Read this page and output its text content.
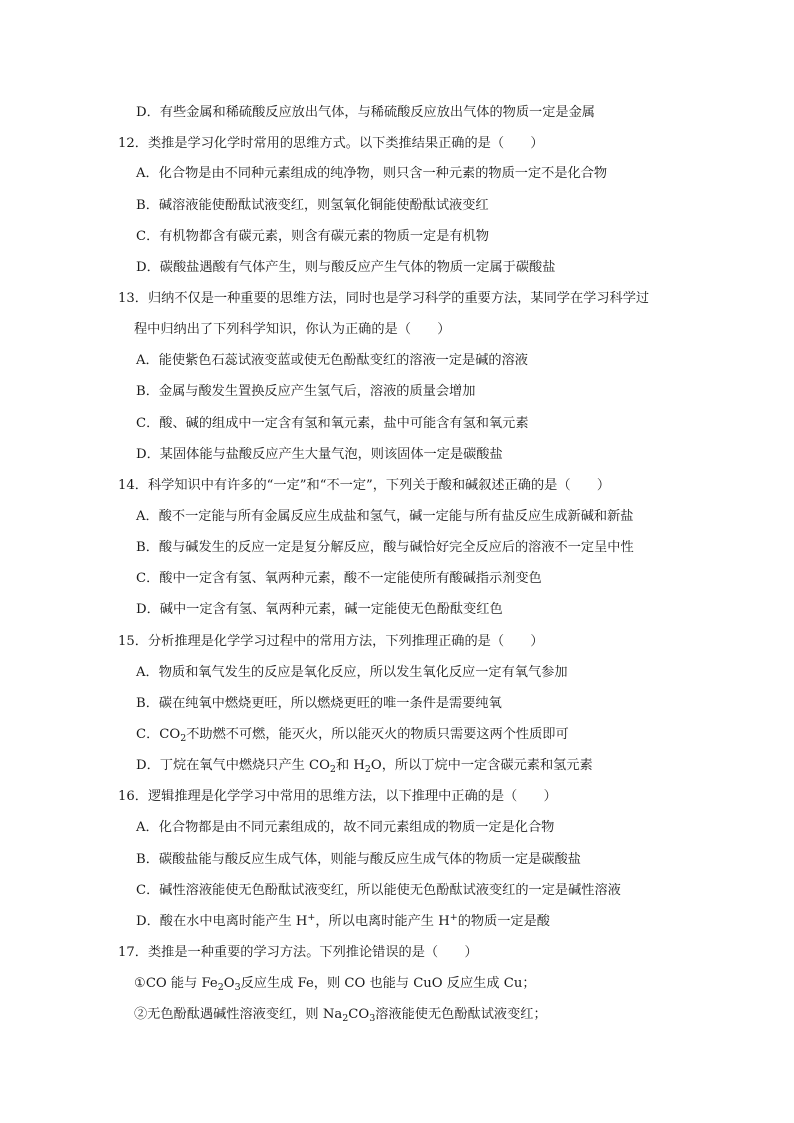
D．有些金属和稀硫酸反应放出气体，与稀硫酸反应放出气体的物质一定是金属
12．类推是学习化学时常用的思维方式。以下类推结果正确的是（　　）
A．化合物是由不同种元素组成的纯净物，则只含一种元素的物质一定不是化合物
B．碱溶液能使酚酞试液变红，则氢氧化铜能使酚酞试液变红
C．有机物都含有碳元素，则含有碳元素的物质一定是有机物
D．碳酸盐遇酸有气体产生，则与酸反应产生气体的物质一定属于碳酸盐
13．归纳不仅是一种重要的思维方法，同时也是学习科学的重要方法，某同学在学习科学过
程中归纳出了下列科学知识，你认为正确的是（　　）
A．能使紫色石蕊试液变蓝或使无色酚酞变红的溶液一定是碱的溶液
B．金属与酸发生置换反应产生氢气后，溶液的质量会增加
C．酸、碱的组成中一定含有氢和氧元素，盐中可能含有氢和氧元素
D．某固体能与盐酸反应产生大量气泡，则该固体一定是碳酸盐
14．科学知识中有许多的“一定”和“不一定”，下列关于酸和碱叙述正确的是（　　）
A．酸不一定能与所有金属反应生成盐和氢气，碱一定能与所有盐反应生成新碱和新盐
B．酸与碱发生的反应一定是复分解反应，酸与碱恰好完全反应后的溶液不一定呈中性
C．酸中一定含有氢、氧两种元素，酸不一定能使所有酸碱指示剂变色
D．碱中一定含有氢、氧两种元素，碱一定能使无色酚酞变红色
15．分析推理是化学学习过程中的常用方法，下列推理正确的是（　　）
A．物质和氧气发生的反应是氧化反应，所以发生氧化反应一定有氧气参加
B．碳在纯氧中燃烧更旺，所以燃烧更旺的唯一条件是需要纯氧
C．$CO_2$不助燃不可燃，能灭火，所以能灭火的物质只需要这两个性质即可
D．丁烷在氧气中燃烧只产生 $CO_2$和 $H_2O$，所以丁烷中一定含碳元素和氢元素
16．逻辑推理是化学学习中常用的思维方法，以下推理中正确的是（　　）
A．化合物都是由不同元素组成的，故不同元素组成的物质一定是化合物
B．碳酸盐能与酸反应生成气体，则能与酸反应生成气体的物质一定是碳酸盐
C．碱性溶液能使无色酚酞试液变红，所以能使无色酚酞试液变红的一定是碱性溶液
D．酸在水中电离时能产生 H+，所以电离时能产生 H+的物质一定是酸
17．类推是一种重要的学习方法。下列推论错误的是（　　）
①CO 能与 $Fe_2O_3$反应生成 Fe，则 CO 也能与 CuO 反应生成 Cu；
②无色酚酞遇碱性溶液变红，则 $Na_2CO_3$溶液能使无色酚酞试液变红；
